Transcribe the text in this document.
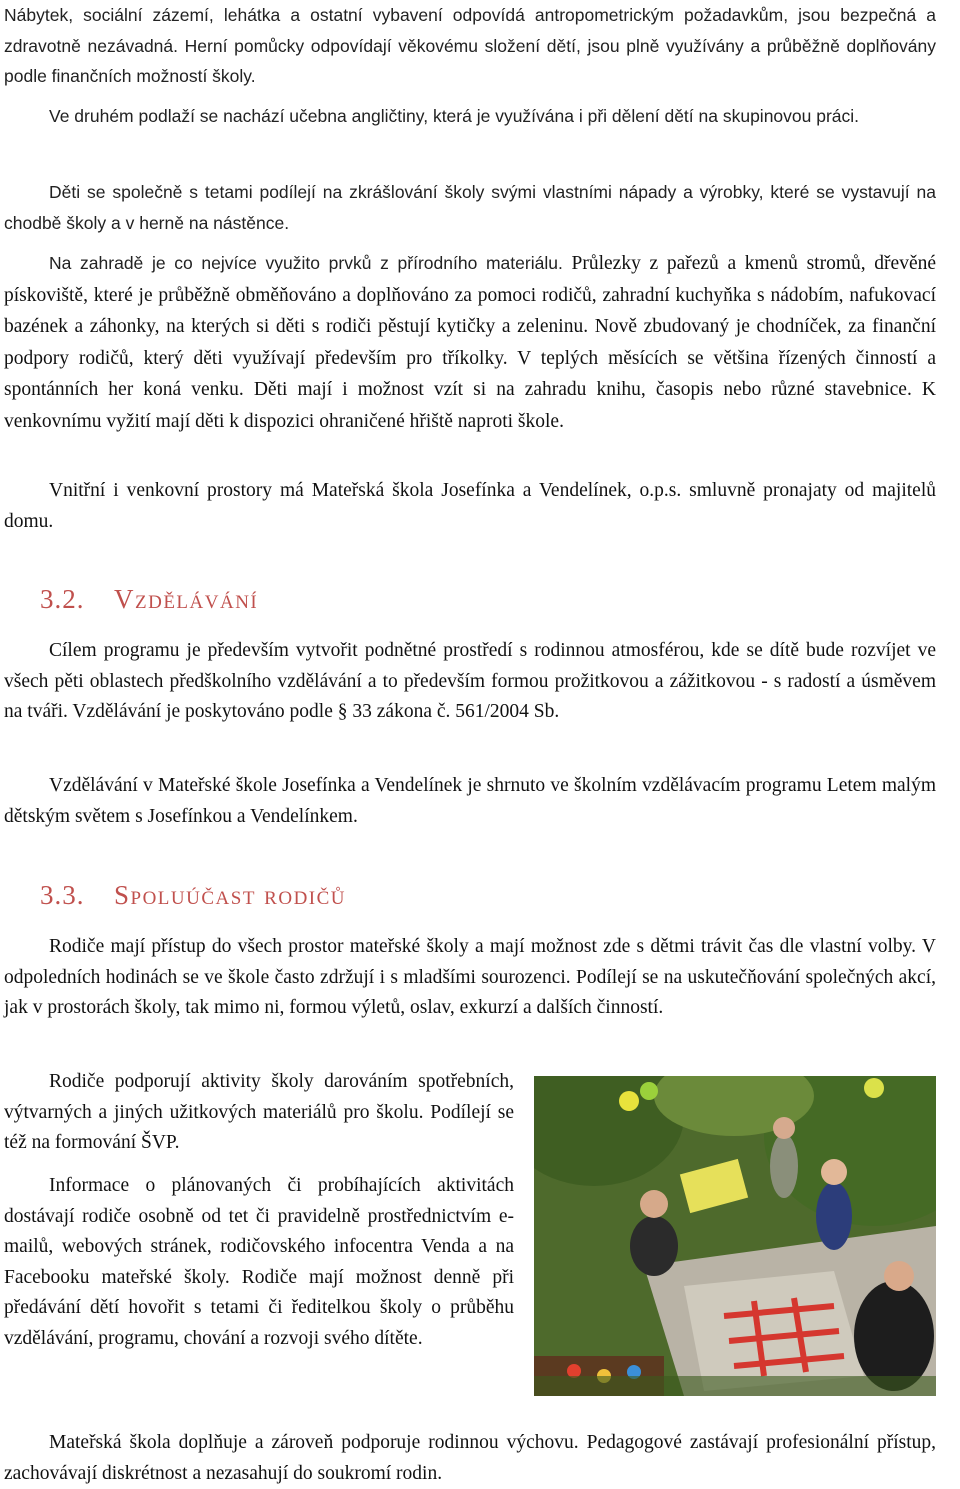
Nábytek, sociální zázemí, lehátka a ostatní vybavení odpovídá antropometrickým požadavkům, jsou bezpečná a zdravotně nezávadná. Herní pomůcky odpovídají věkovému složení dětí, jsou plně využívány a průběžně doplňovány podle finančních možností školy.

Ve druhém podlaží se nachází učebna angličtiny, která je využívána i při dělení dětí na skupinovou práci.

Děti se společně s tetami podílejí na zkrášlování školy svými vlastními nápady a výrobky, které se vystavují na chodbě školy a v herně na nástěnce.

Na zahradě je co nejvíce využito prvků z přírodního materiálu. Průlezky z pařezů a kmenů stromů, dřevěné pískoviště, které je průběžně obměňováno a doplňováno za pomoci rodičů, zahradní kuchyňka s nádobím, nafukovací bazének a záhonky, na kterých si děti s rodiči pěstují kytičky a zeleninu. Nově zbudovaný je chodníček, za finanční podpory rodičů, který děti využívají především pro tříkolky. V teplých měsících se většina řízených činností a spontánních her koná venku. Děti mají i možnost vzít si na zahradu knihu, časopis nebo různé stavebnice. K venkovnímu vyžití mají děti k dispozici ohraničené hřiště naproti škole.

Vnitřní i venkovní prostory má Mateřská škola Josefínka a Vendelínek, o.p.s. smluvně pronajaty od majitelů domu.

3.2. Vzdělávání

Cílem programu je především vytvořit podnětné prostředí s rodinnou atmosférou, kde se dítě bude rozvíjet ve všech pěti oblastech předškolního vzdělávání a to především formou prožitkovou a zážitkovou - s radostí a úsměvem na tváři. Vzdělávání je poskytováno podle § 33 zákona č. 561/2004 Sb.

Vzdělávání v Mateřské škole Josefínka a Vendelínek je shrnuto ve školním vzdělávacím programu Letem malým dětským světem s Josefínkou a Vendelínkem.

3.3. Spoluúčast rodičů

Rodiče mají přístup do všech prostor mateřské školy a mají možnost zde s dětmi trávit čas dle vlastní volby. V odpoledních hodinách se ve škole často zdržují i s mladšími sourozenci. Podílejí se na uskutečňování společných akcí, jak v prostorách školy, tak mimo ni, formou výletů, oslav, exkurzí a dalších činností.

Rodiče podporují aktivity školy darováním spotřebních, výtvarných a jiných užitkových materiálů pro školu. Podílejí se též na formování ŠVP.

Informace o plánovaných či probíhajících aktivitách dostávají rodiče osobně od tet či pravidelně prostřednictvím e-mailů, webových stránek, rodičovského infocentra Venda a na Facebooku mateřské školy. Rodiče mají možnost denně při předávání dětí hovořit s tetami či ředitelkou školy o průběhu vzdělávání, programu, chování a rozvoji svého dítěte.

Mateřská škola doplňuje a zároveň podporuje rodinnou výchovu. Pedagogové zastávají profesionální přístup, zachovávají diskrétnost a nezasahují do soukromí rodin.
